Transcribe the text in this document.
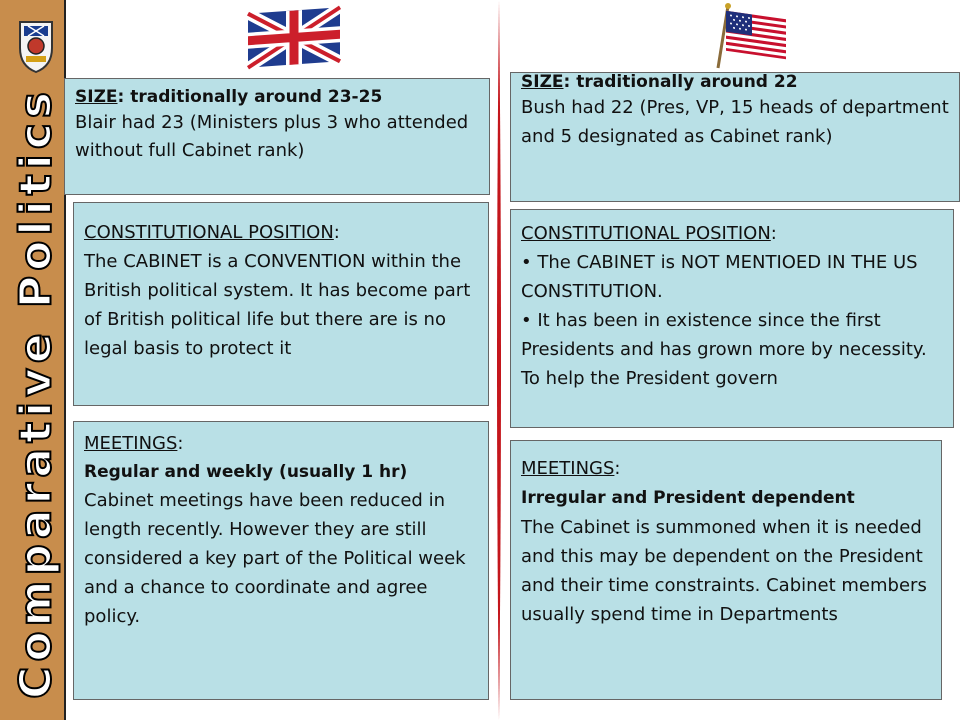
Comparative Politics SIZE: traditionally around 23-25
Blair had 23 (Ministers plus 3 who attended without full Cabinet rank)
CONSTITUTIONAL POSITION:
The CABINET is a CONVENTION within the British political system. It has become part of British political life but there are is no legal basis to protect it
MEETINGS:
Regular and weekly (usually 1 hr)
Cabinet meetings have been reduced in length recently. However they are still considered a key part of the Political week and a chance to coordinate and agree policy.
SIZE: traditionally around 22
Bush had 22 (Pres, VP, 15 heads of department and 5 designated as Cabinet rank)
CONSTITUTIONAL POSITION:
• The CABINET is NOT MENTIOED IN THE US CONSTITUTION.
• It has been in existence since the first Presidents and has grown more by necessity. To help the President govern
MEETINGS:
Irregular and President dependent
The Cabinet is summoned when it is needed and this may be dependent on the President and their time constraints. Cabinet members usually spend time in Departments
